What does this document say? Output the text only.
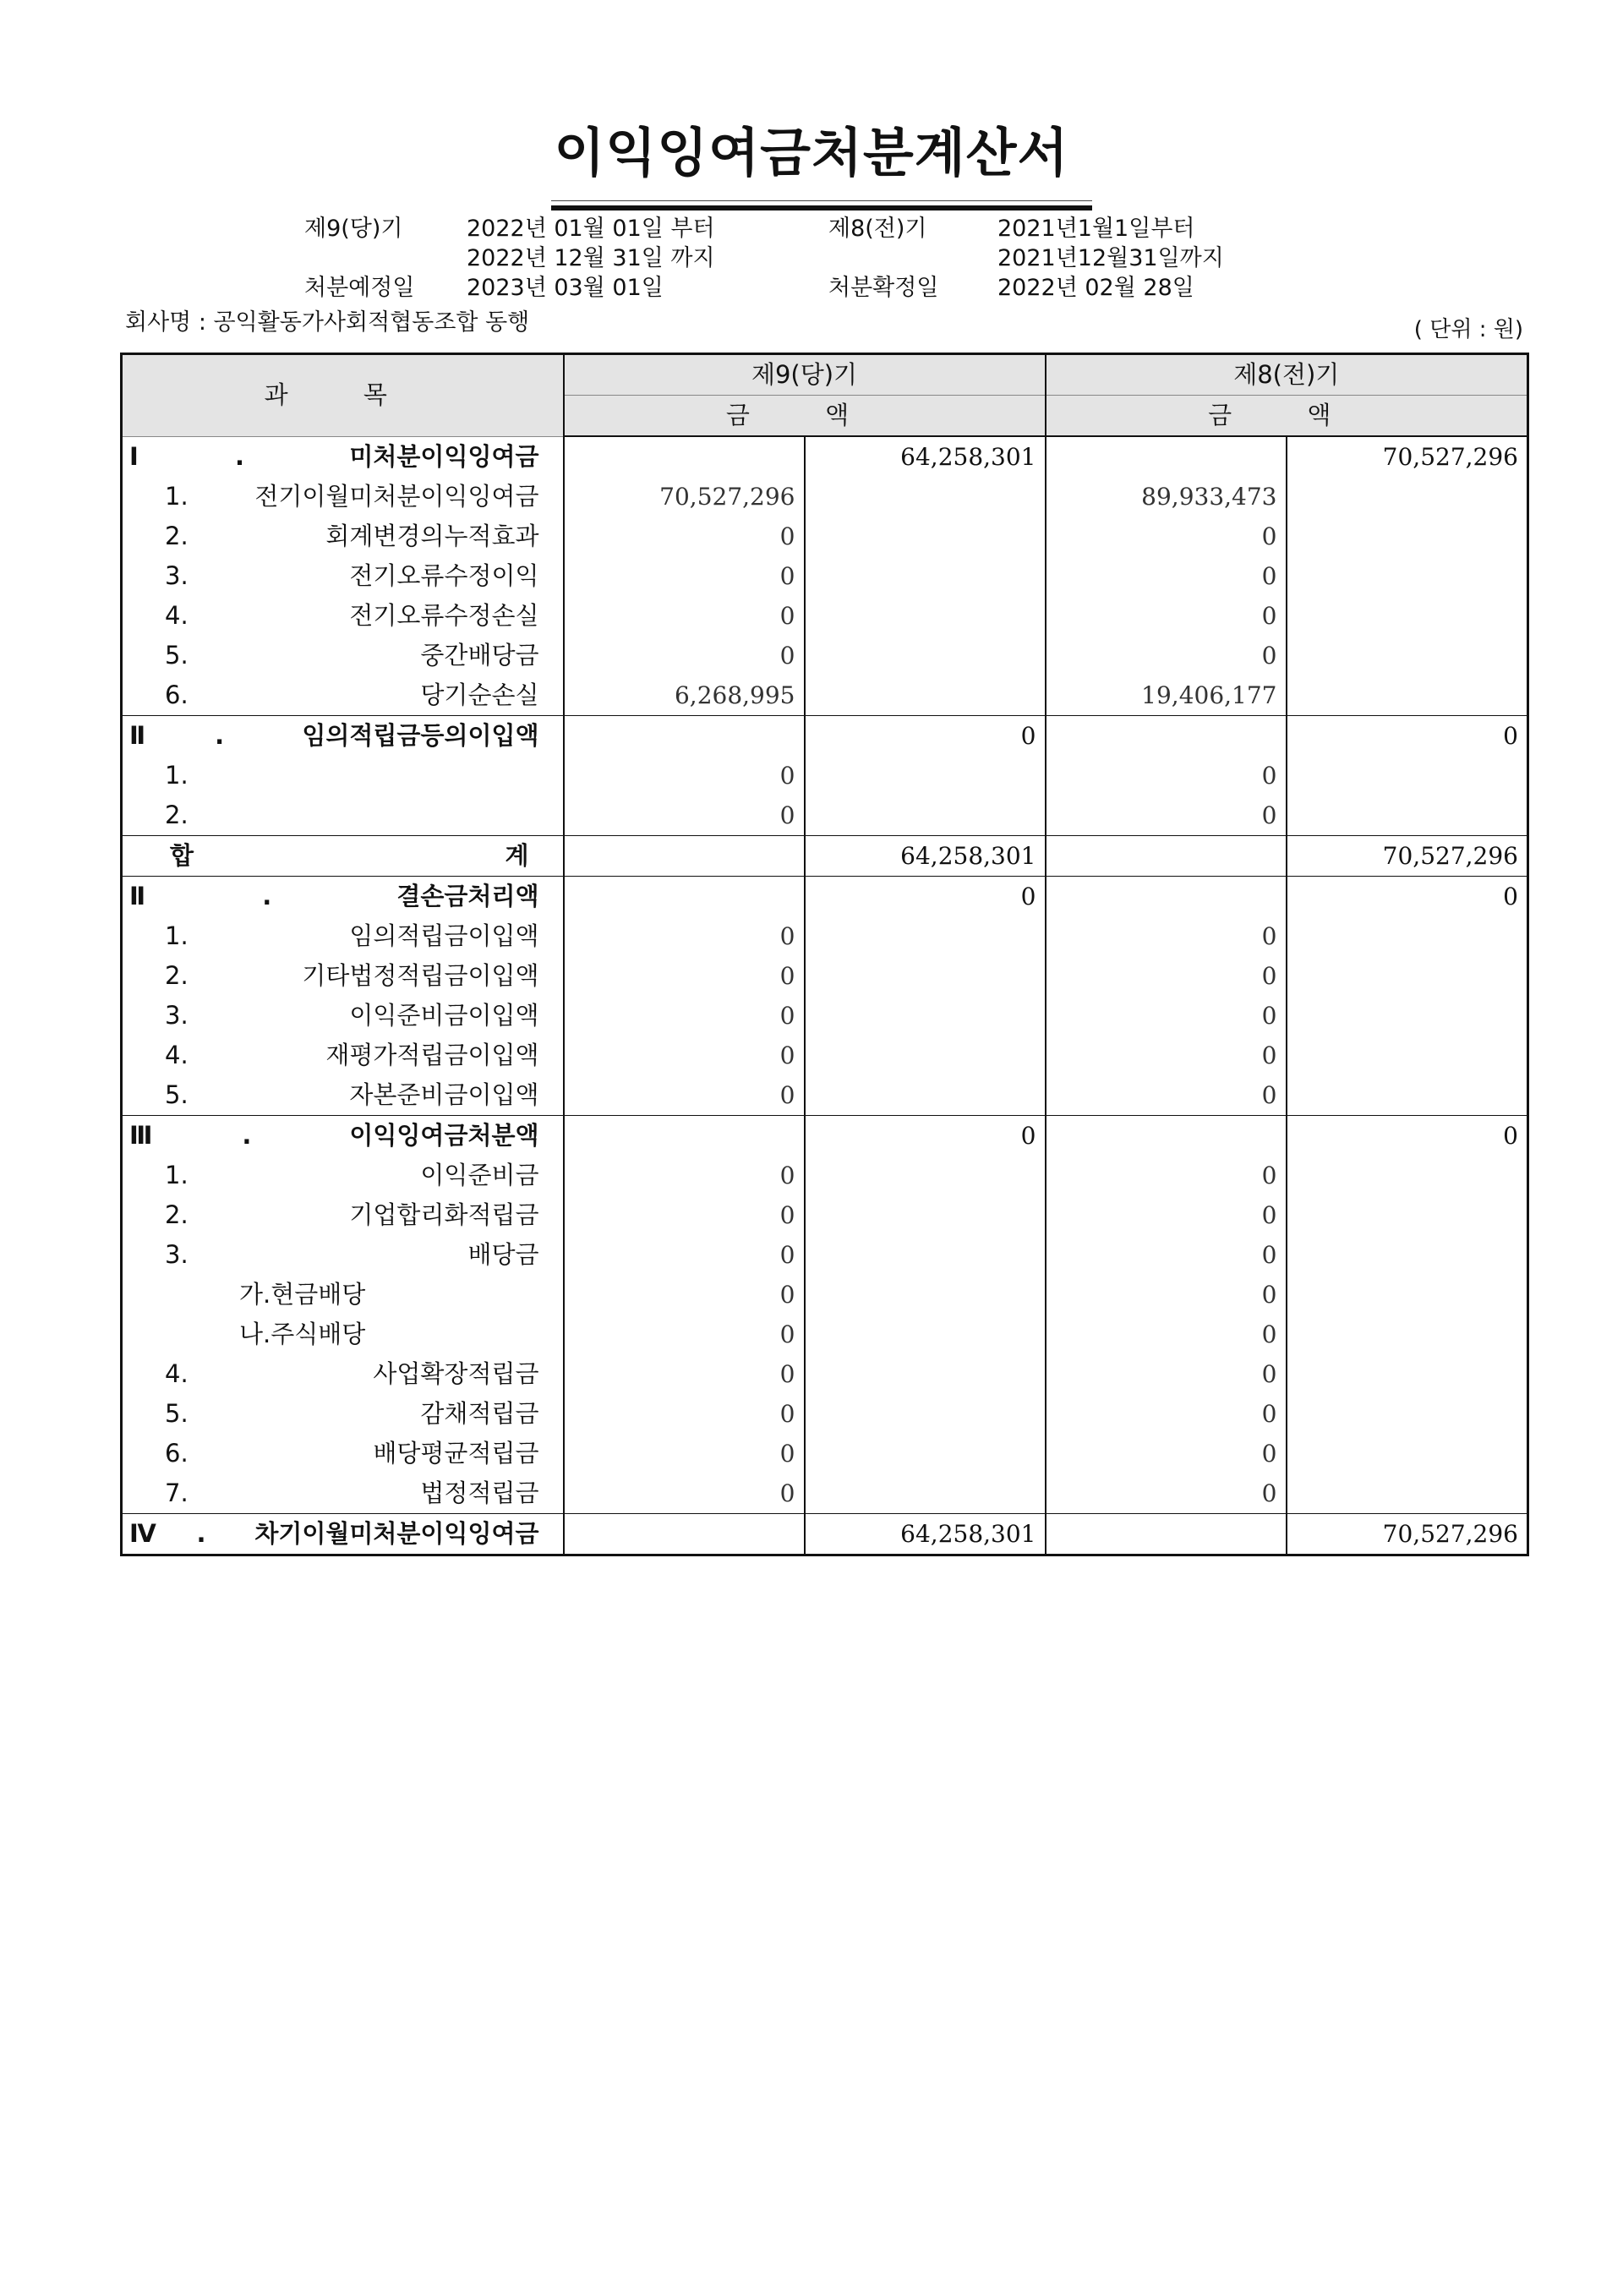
이익잉여금처분계산서
제9(당)기	2022년 01월 01일 부터
2022년 12월 31일 까지
처분예정일 2023년 03월 01일
제8(전)기	2021년1월1일부터
2021년12월31일까지
처분확정일	2022년 02월 28일
회사명 : 공익활동가사회적협동조합 동행	( 단위 : 원)
과 목	제9(당)기		제8(전)기	
	금 액		금 액	
Ⅰ. 미처분이익잉여금		64,258,301		70,527,296
1. 전기이월미처분이익잉여금	70,527,296		89,933,473	
2. 회계변경의누적효과	0		0	
3. 전기오류수정이익	0		0	
4. 전기오류수정손실	0		0	
5. 중간배당금	0		0	
6. 당기순손실	6,268,995		19,406,177	
Ⅱ. 임의적립금등의이입액		0		0
1.	0		0	
2.	0		0	
합 계		64,258,301		70,527,296
Ⅱ. 결손금처리액		0		0
1. 임의적립금이입액	0		0	
2. 기타법정적립금이입액	0		0	
3. 이익준비금이입액	0		0	
4. 재평가적립금이입액	0		0	
5. 자본준비금이입액	0		0	
Ⅲ. 이익잉여금처분액		0		0
1. 이익준비금	0		0	
2. 기업합리화적립금	0		0	
3. 배당금	0		0	
가.현금배당	0		0	
나.주식배당	0		0	
4. 사업확장적립금	0		0	
5. 감채적립금	0		0	
6. 배당평균적립금	0		0	
7. 법정적립금	0		0	
Ⅳ. 차기이월미처분이익잉여금		64,258,301		70,527,296
